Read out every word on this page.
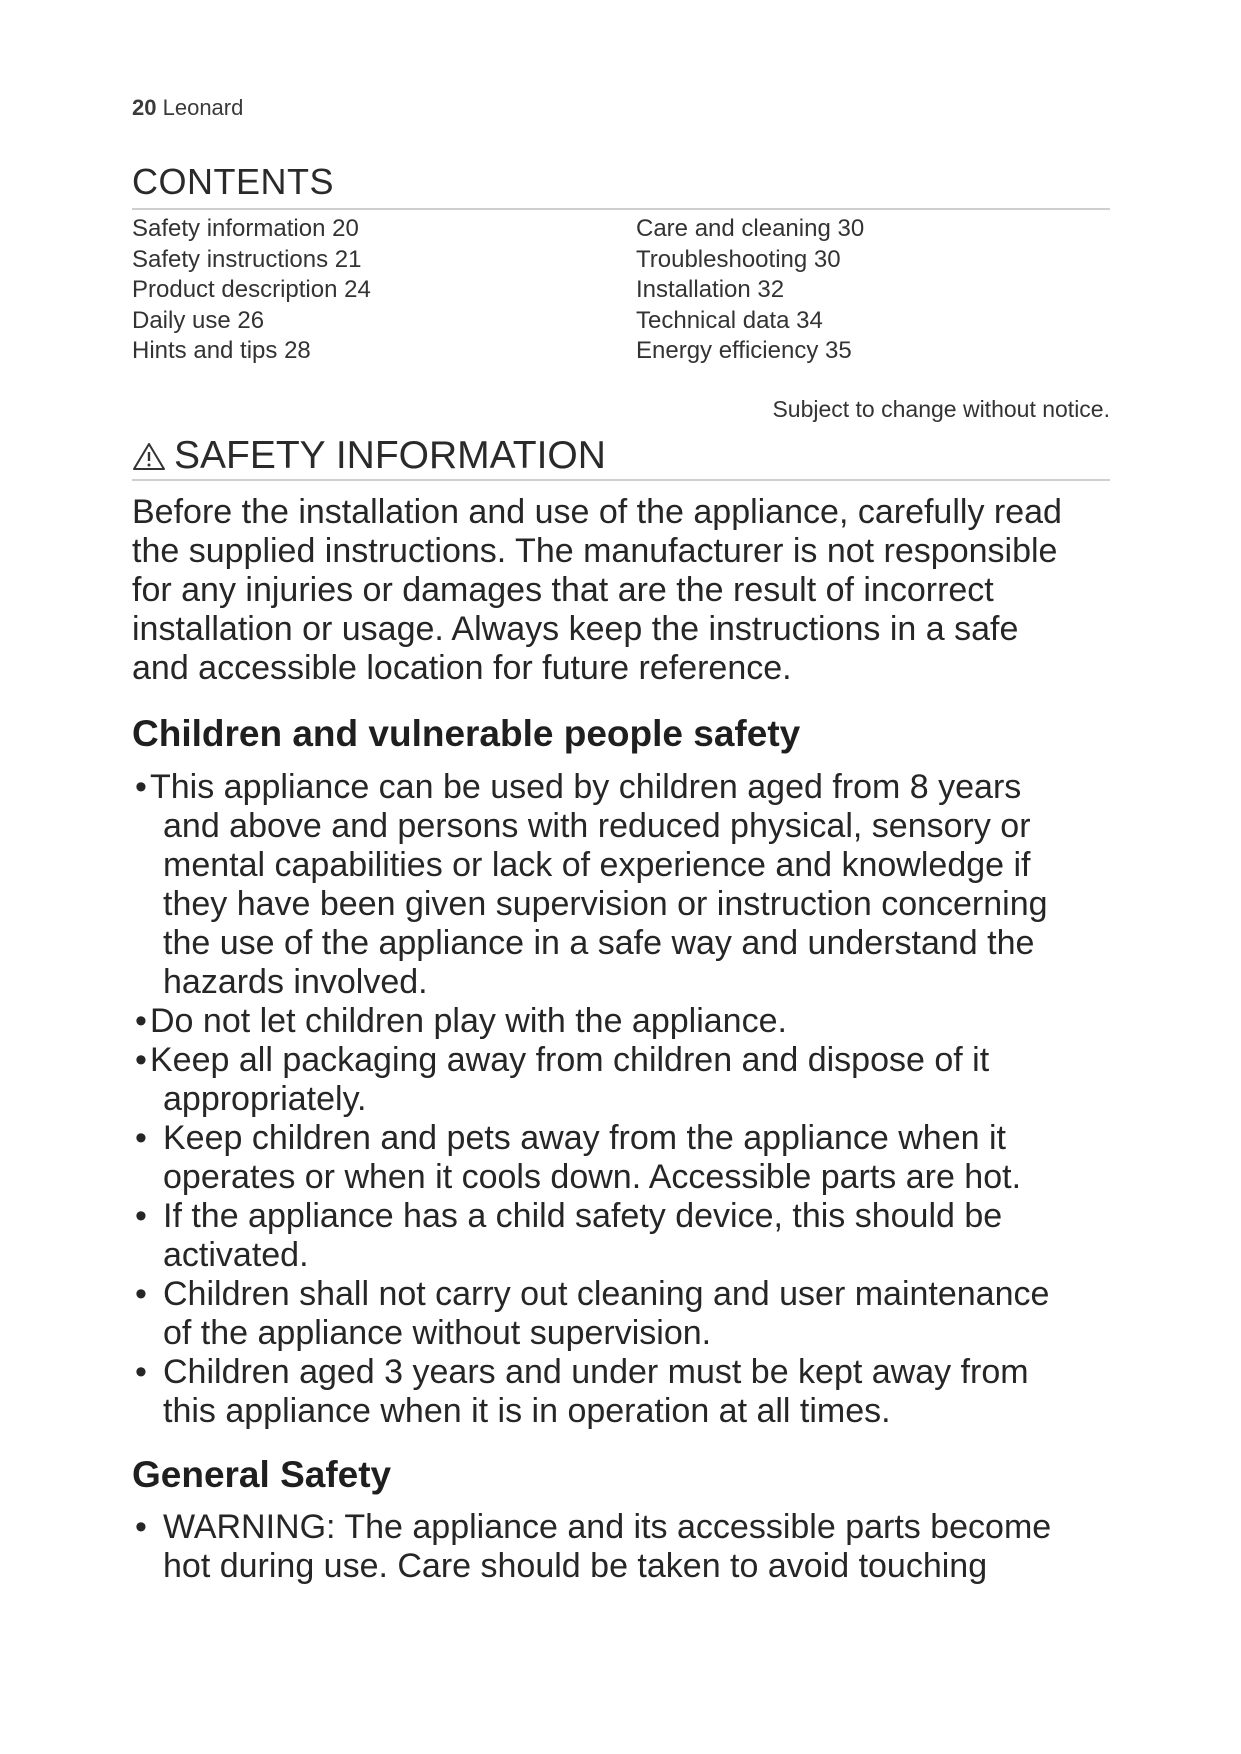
20 Leonard
CONTENTS
Safety information 20
Safety instructions 21
Product description 24
Daily use 26
Hints and tips 28
Care and cleaning 30
Troubleshooting 30
Installation 32
Technical data 34
Energy efficiency 35
Subject to change without notice.
SAFETY INFORMATION
Before the installation and use of the appliance, carefully read
the supplied instructions. The manufacturer is not responsible
for any injuries or damages that are the result of incorrect
installation or usage. Always keep the instructions in a safe
and accessible location for future reference.
Children and vulnerable people safety
• This appliance can be used by children aged from 8 years
and above and persons with reduced physical, sensory or
mental capabilities or lack of experience and knowledge if
they have been given supervision or instruction concerning
the use of the appliance in a safe way and understand the
hazards involved.
• Do not let children play with the appliance.
• Keep all packaging away from children and dispose of it
appropriately.
• Keep children and pets away from the appliance when it
operates or when it cools down. Accessible parts are hot.
• If the appliance has a child safety device, this should be
activated.
• Children shall not carry out cleaning and user maintenance
of the appliance without supervision.
• Children aged 3 years and under must be kept away from
this appliance when it is in operation at all times.
General Safety
• WARNING: The appliance and its accessible parts become
hot during use. Care should be taken to avoid touching
